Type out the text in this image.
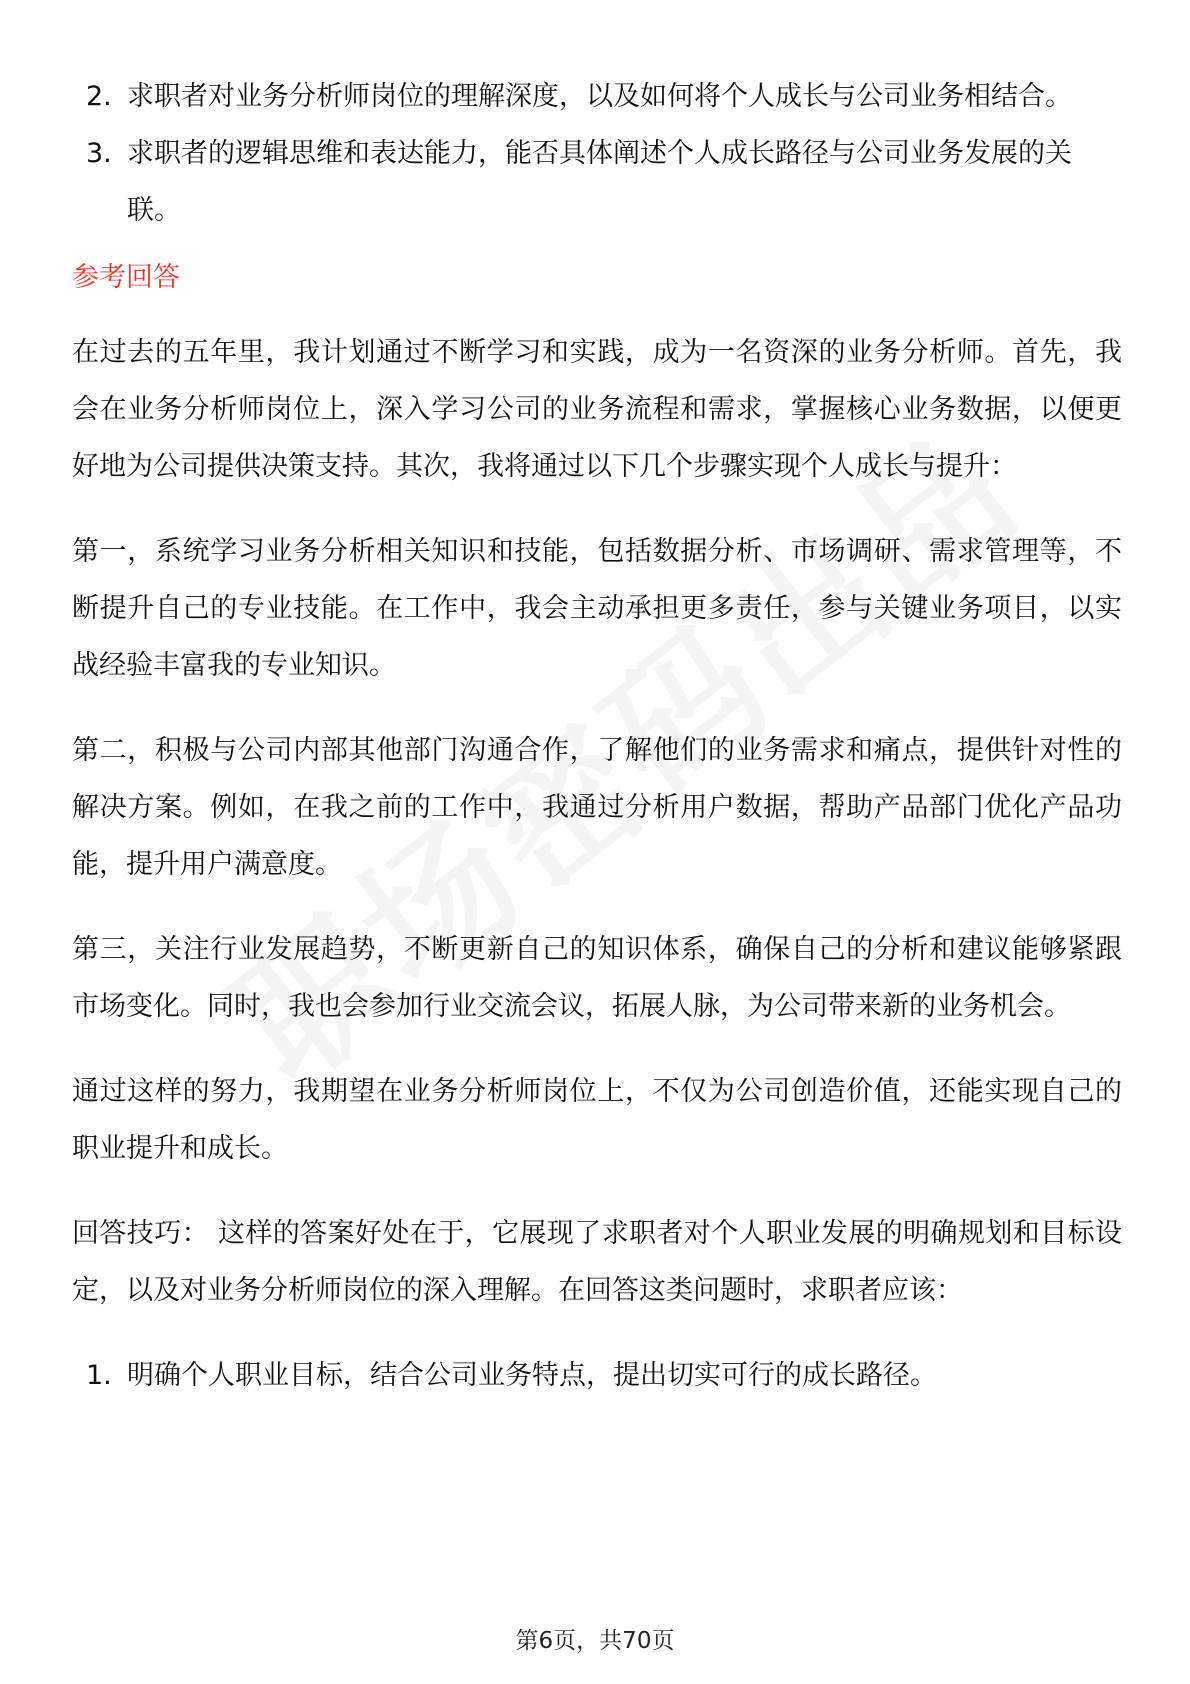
2. 求职者对业务分析师岗位的理解深度，以及如何将个人成长与公司业务相结合。
3. 求职者的逻辑思维和表达能力，能否具体阐述个人成长路径与公司业务发展的关联。
参考回答

在过去的五年里，我计划通过不断学习和实践，成为一名资深的业务分析师。首先，我会在业务分析师岗位上，深入学习公司的业务流程和需求，掌握核心业务数据，以便更好地为公司提供决策支持。其次，我将通过以下几个步骤实现个人成长与提升：

第一，系统学习业务分析相关知识和技能，包括数据分析、市场调研、需求管理等，不断提升自己的专业技能。在工作中，我会主动承担更多责任，参与关键业务项目，以实战经验丰富我的专业知识。

第二，积极与公司内部其他部门沟通合作，了解他们的业务需求和痛点，提供针对性的解决方案。例如，在我之前的工作中，我通过分析用户数据，帮助产品部门优化产品功能，提升用户满意度。

第三，关注行业发展趋势，不断更新自己的知识体系，确保自己的分析和建议能够紧跟市场变化。同时，我也会参加行业交流会议，拓展人脉，为公司带来新的业务机会。

通过这样的努力，我期望在业务分析师岗位上，不仅为公司创造价值，还能实现自己的职业提升和成长。

回答技巧： 这样的答案好处在于，它展现了求职者对个人职业发展的明确规划和目标设定，以及对业务分析师岗位的深入理解。在回答这类问题时，求职者应该：

1. 明确个人职业目标，结合公司业务特点，提出切实可行的成长路径。
第6页，共70页
